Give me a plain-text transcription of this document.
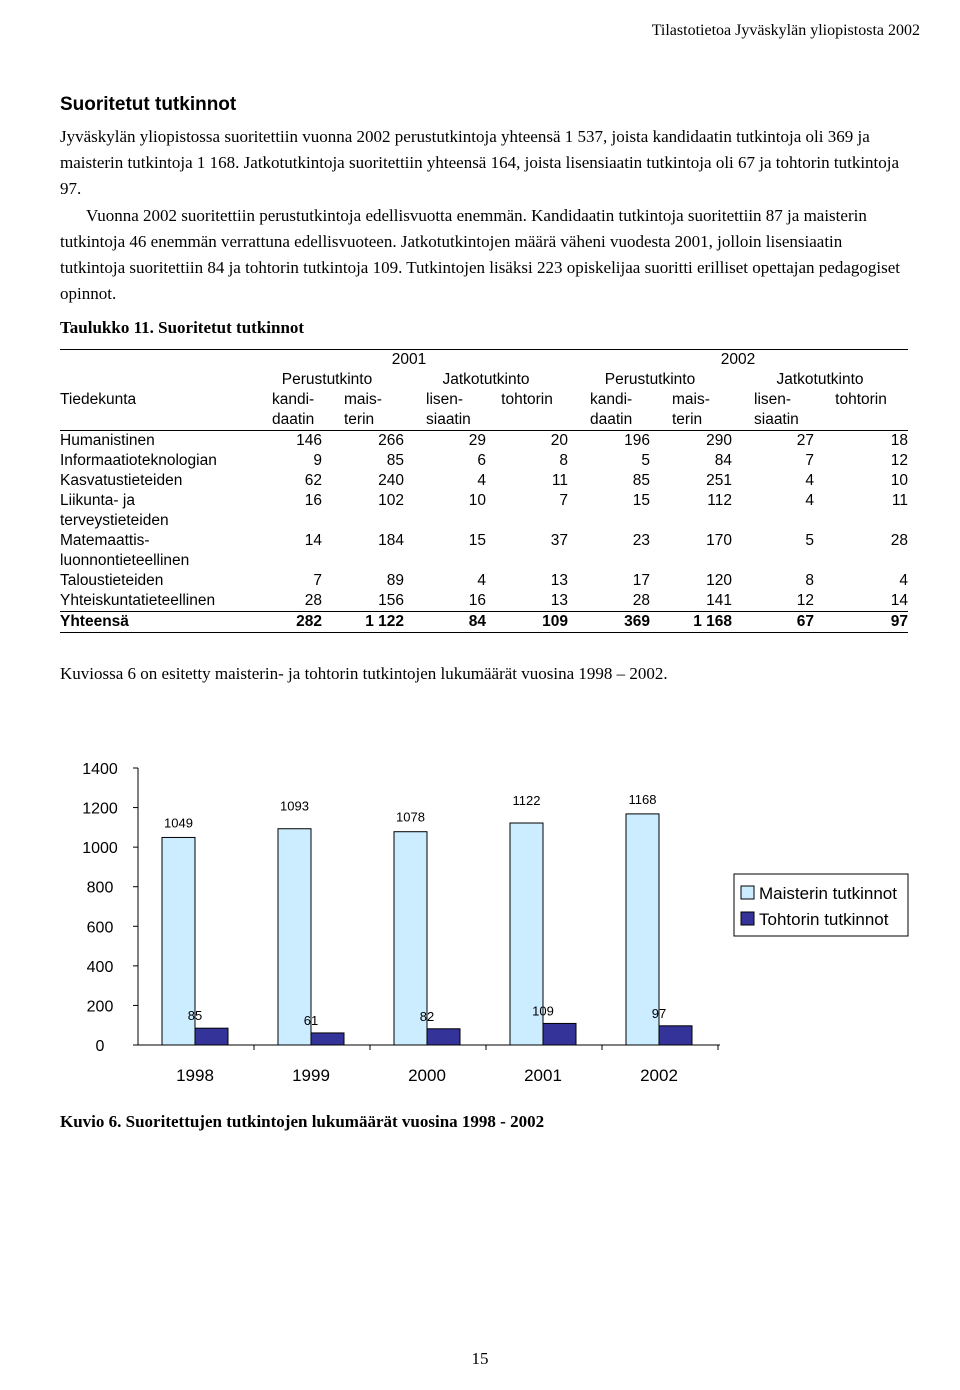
Tilastotietoa Jyväskylän yliopistosta 2002
Suoritetut tutkinnot

Jyväskylän yliopistossa suoritettiin vuonna 2002 perustutkintoja yhteensä 1 537, joista kandidaatin tutkintoja oli 369 ja maisterin tutkintoja 1 168. Jatkotutkintoja suoritettiin yhteensä 164, joista lisensiaatin tutkintoja oli 67 ja tohtorin tutkintoja 97.

Vuonna 2002 suoritettiin perustutkintoja edellisvuotta enemmän. Kandidaatin tutkintoja suoritettiin 87 ja maisterin tutkintoja 46 enemmän verrattuna edellisvuoteen. Jatkotutkintojen määrä väheni vuodesta 2001, jolloin lisensiaatin tutkintoja suoritettiin 84 ja tohtorin tutkintoja 109. Tutkintojen lisäksi 223 opiskelijaa suoritti erilliset opettajan pedagogiset opinnot.

Taulukko 11. Suoritetut tutkinnot
	2001				2002			
	Perustutkinto		Jatkotutkinto		Perustutkinto		Jatkotutkinto	
Tiedekunta	kandi-	mais-	lisen-	tohtorin	kandi-	mais-	lisen-	tohtorin
	daatin	terin	siaatin		daatin	terin	siaatin	
Humanistinen	146	266	29	20	196	290	27	18
Informaatioteknologian	9	85	6	8	5	84	7	12
Kasvatustieteiden	62	240	4	11	85	251	4	10

Liikunta- ja
terveystieteiden	16	102	10	7	15	112	4	11

Matemaattis-
luonnontieteellinen	14	184	15	37	23	170	5	28
Taloustieteiden	7	89	4	13	17	120	8	4
Yhteiskuntatieteellinen	28	156	16	13	28	141	12	14
Yhteensä	282	1 122	84	109	369	1 168	67	97
Kuviossa 6 on esitetty maisterin- ja tohtorin tutkintojen lukumäärät vuosina 1998 – 2002.
0
200
400
600
800
1000
1200
1400
1049
85
1093
61
1078
82
1122
109
1168
97
1998	1999	2000	2001	2002
Maisterin tutkinnot
Tohtorin tutkinnot
Kuvio 6. Suoritettujen tutkintojen lukumäärät vuosina 1998 - 2002
15
